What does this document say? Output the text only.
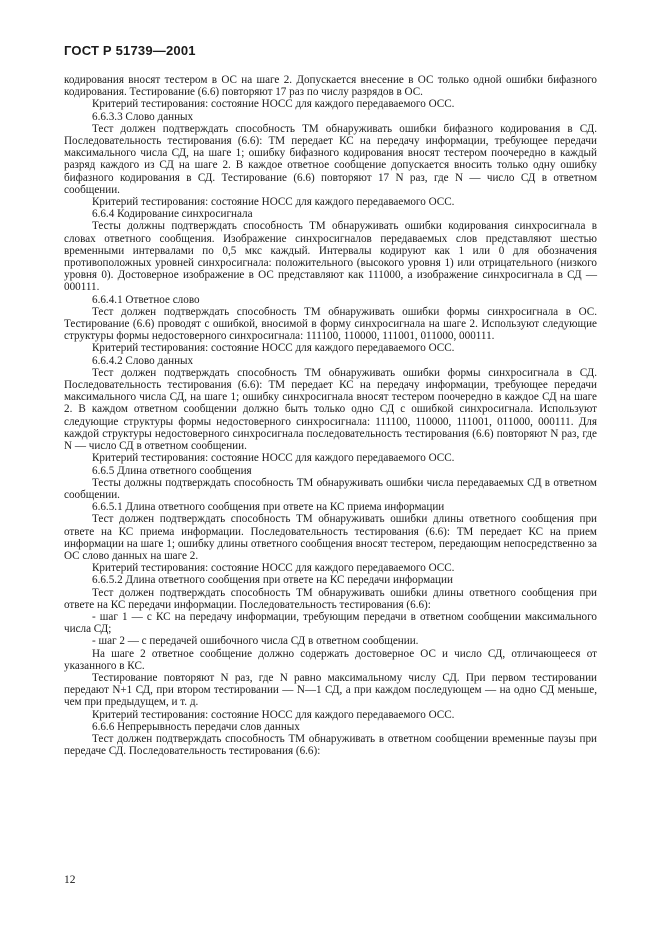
ГОСТ Р 51739—2001

кодирования вносят тестером в ОС на шаге 2. Допускается внесение в ОС только одной ошибки бифазного кодирования. Тестирование (6.6) повторяют 17 раз по числу разрядов в ОС.

Критерий тестирования: состояние НОСС для каждого передаваемого ОСС.

6.6.3.3 Слово данных

Тест должен подтверждать способность ТМ обнаруживать ошибки бифазного кодирования в СД. Последовательность тестирования (6.6): ТМ передает КС на передачу информации, требующее передачи максимального числа СД, на шаге 1; ошибку бифазного кодирования вносят тестером поочередно в каждый разряд каждого из СД на шаге 2. В каждое ответное сообщение допускается вносить только одну ошибку бифазного кодирования в СД. Тестирование (6.6) повторяют 17 N раз, где N — число СД в ответном сообщении.

Критерий тестирования: состояние НОСС для каждого передаваемого ОСС.

6.6.4 Кодирование синхросигнала

Тесты должны подтверждать способность ТМ обнаруживать ошибки кодирования синхросигнала в словах ответного сообщения. Изображение синхросигналов передаваемых слов представляют шестью временными интервалами по 0,5 мкс каждый. Интервалы кодируют как 1 или 0 для обозначения противоположных уровней синхросигнала: положительного (высокого уровня 1) или отрицательного (низкого уровня 0). Достоверное изображение в ОС представляют как 111000, а изображение синхросигнала в СД — 000111.

6.6.4.1 Ответное слово

Тест должен подтверждать способность ТМ обнаруживать ошибки формы синхросигнала в ОС. Тестирование (6.6) проводят с ошибкой, вносимой в форму синхросигнала на шаге 2. Используют следующие структуры формы недостоверного синхросигнала: 111100, 110000, 111001, 011000, 000111.

Критерий тестирования: состояние НОСС для каждого передаваемого ОСС.

6.6.4.2 Слово данных

Тест должен подтверждать способность ТМ обнаруживать ошибки формы синхросигнала в СД. Последовательность тестирования (6.6): ТМ передает КС на передачу информации, требующее передачи максимального числа СД, на шаге 1; ошибку синхросигнала вносят тестером поочередно в каждое СД на шаге 2. В каждом ответном сообщении должно быть только одно СД с ошибкой синхросигнала. Используют следующие структуры формы недостоверного синхросигнала: 111100, 110000, 111001, 011000, 000111. Для каждой структуры недостоверного синхросигнала последовательность тестирования (6.6) повторяют N раз, где N — число СД в ответном сообщении.

Критерий тестирования: состояние НОСС для каждого передаваемого ОСС.

6.6.5 Длина ответного сообщения

Тесты должны подтверждать способность ТМ обнаруживать ошибки числа передаваемых СД в ответном сообщении.

6.6.5.1 Длина ответного сообщения при ответе на КС приема информации

Тест должен подтверждать способность ТМ обнаруживать ошибки длины ответного сообщения при ответе на КС приема информации. Последовательность тестирования (6.6): ТМ передает КС на прием информации на шаге 1; ошибку длины ответного сообщения вносят тестером, передающим непосредственно за ОС слово данных на шаге 2.

Критерий тестирования: состояние НОСС для каждого передаваемого ОСС.

6.6.5.2 Длина ответного сообщения при ответе на КС передачи информации

Тест должен подтверждать способность ТМ обнаруживать ошибки длины ответного сообщения при ответе на КС передачи информации. Последовательность тестирования (6.6):

- шаг 1 — с КС на передачу информации, требующим передачи в ответном сообщении максимального числа СД;

- шаг 2 — с передачей ошибочного числа СД в ответном сообщении.

На шаге 2 ответное сообщение должно содержать достоверное ОС и число СД, отличающееся от указанного в КС.

Тестирование повторяют N раз, где N равно максимальному числу СД. При первом тестировании передают N+1 СД, при втором тестировании — N—1 СД, а при каждом последующем — на одно СД меньше, чем при предыдущем, и т. д.

Критерий тестирования: состояние НОСС для каждого передаваемого ОСС.

6.6.6 Непрерывность передачи слов данных

Тест должен подтверждать способность ТМ обнаруживать в ответном сообщении временные паузы при передаче СД. Последовательность тестирования (6.6):

12
